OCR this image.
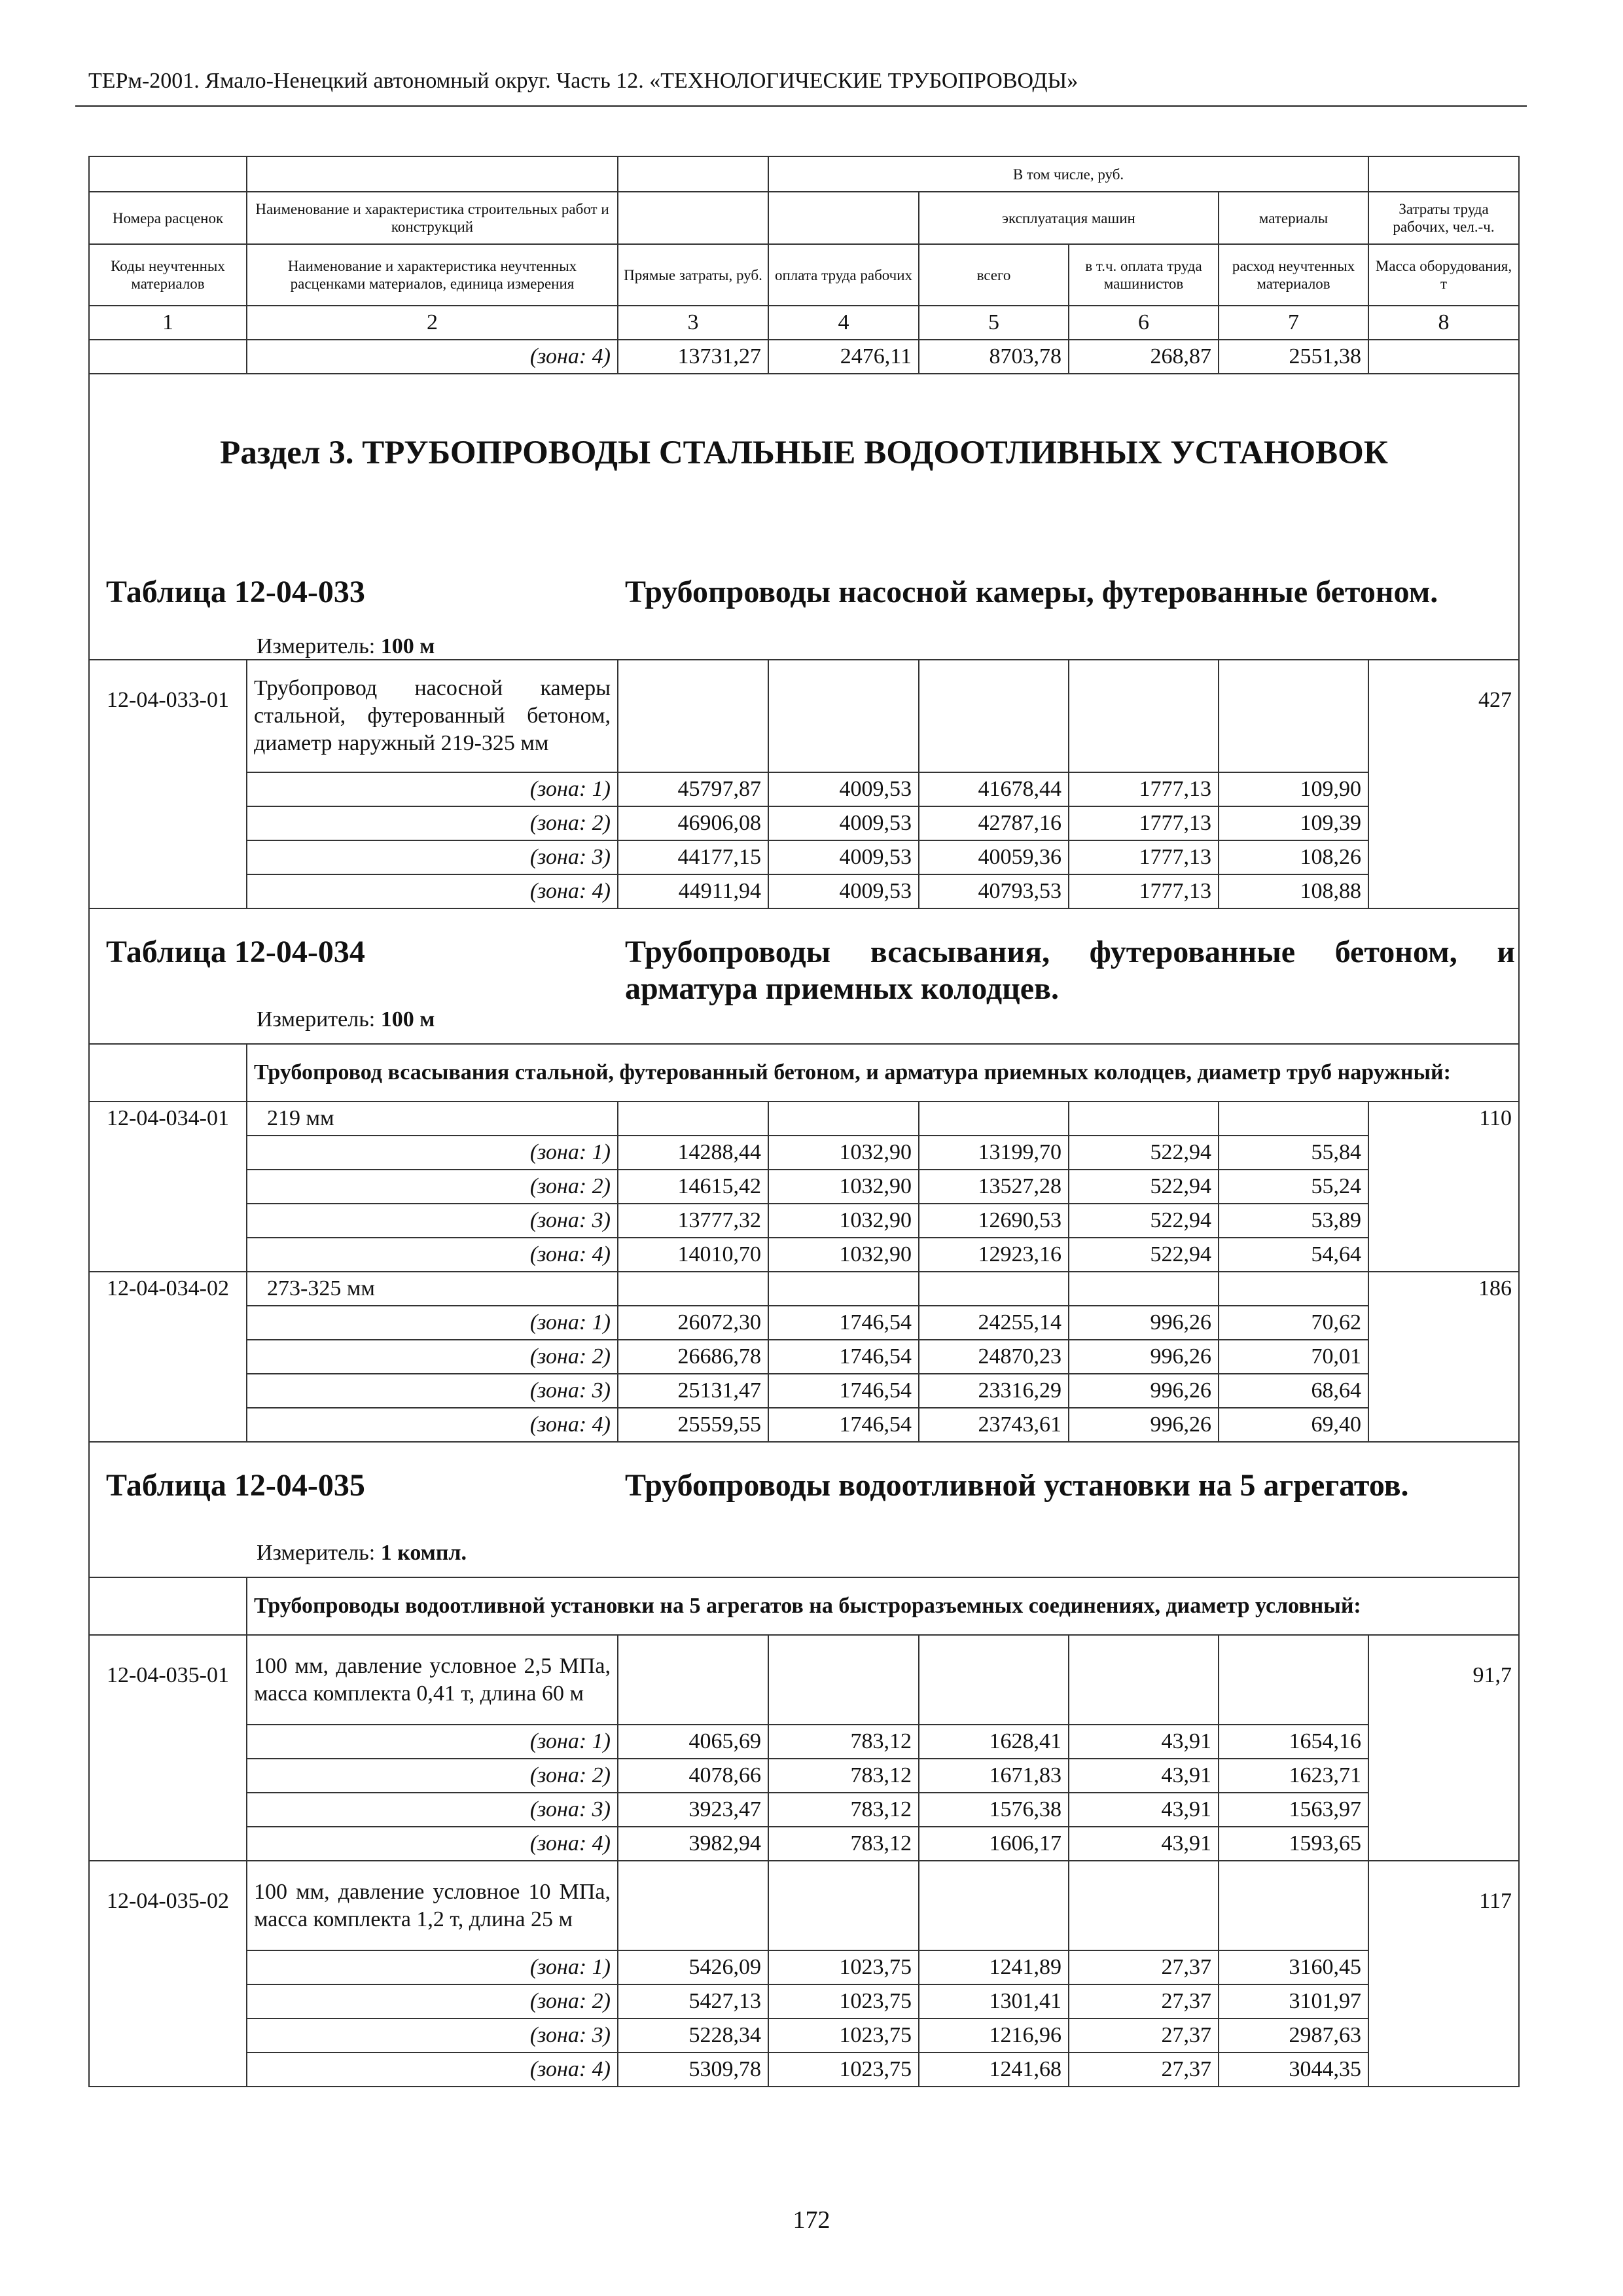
ТЕРм-2001. Ямало-Ненецкий автономный округ. Часть 12. «ТЕХНОЛОГИЧЕСКИЕ ТРУБОПРОВОДЫ»
			В том числе, руб.				
Номера расценок	Наименование и характеристика строительных работ и конструкций			эксплуатация машин		материалы	Затраты труда рабочих, чел.-ч.
Коды неучтенных материалов	Наименование и характеристика неучтенных расценками материалов, единица измерения	Прямые затраты, руб.	оплата труда рабочих	всего	в т.ч. оплата труда машинистов	расход неучтенных материалов	Масса оборудования, т
1	2	3	4	5	6	7	8
	(зона: 4)	13731,27	2476,11	8703,78	268,87	2551,38	

Раздел 3. ТРУБОПРОВОДЫ СТАЛЬНЫЕ ВОДООТЛИВНЫХ УСТАНОВОК
Таблица 12-04-033 Трубопроводы насосной камеры, футерованные бетоном.
Измеритель: 100 м							

12-04-033-01	Трубопровод насосной камеры стальной, футерованный бетоном, диаметр наружный 219-325 мм						427
	(зона: 1)	45797,87	4009,53	41678,44	1777,13	109,90	
	(зона: 2)	46906,08	4009,53	42787,16	1777,13	109,39	
	(зона: 3)	44177,15	4009,53	40059,36	1777,13	108,26	
	(зона: 4)	44911,94	4009,53	40793,53	1777,13	108,88	

Таблица 12-04-034 Трубопроводы всасывания, футерованные бетоном, и арматура приемных колодцев.
Измеритель: 100 м							

	Трубопровод всасывания стальной, футерованный бетоном, и арматура приемных колодцев, диаметр труб наружный:						
12-04-034-01	219 мм						110
	(зона: 1)	14288,44	1032,90	13199,70	522,94	55,84	
	(зона: 2)	14615,42	1032,90	13527,28	522,94	55,24	
	(зона: 3)	13777,32	1032,90	12690,53	522,94	53,89	
	(зона: 4)	14010,70	1032,90	12923,16	522,94	54,64	
12-04-034-02	273-325 мм						186
	(зона: 1)	26072,30	1746,54	24255,14	996,26	70,62	
	(зона: 2)	26686,78	1746,54	24870,23	996,26	70,01	
	(зона: 3)	25131,47	1746,54	23316,29	996,26	68,64	
	(зона: 4)	25559,55	1746,54	23743,61	996,26	69,40	

Таблица 12-04-035 Трубопроводы водоотливной установки на 5 агрегатов.
Измеритель: 1 компл.							

	Трубопроводы водоотливной установки на 5 агрегатов на быстроразъемных соединениях, диаметр условный:						
12-04-035-01	100 мм, давление условное 2,5 МПа, масса комплекта 0,41 т, длина 60 м						91,7
	(зона: 1)	4065,69	783,12	1628,41	43,91	1654,16	
	(зона: 2)	4078,66	783,12	1671,83	43,91	1623,71	
	(зона: 3)	3923,47	783,12	1576,38	43,91	1563,97	
	(зона: 4)	3982,94	783,12	1606,17	43,91	1593,65	
12-04-035-02	100 мм, давление условное 10 МПа, масса комплекта 1,2 т, длина 25 м						117
	(зона: 1)	5426,09	1023,75	1241,89	27,37	3160,45	
	(зона: 2)	5427,13	1023,75	1301,41	27,37	3101,97	
	(зона: 3)	5228,34	1023,75	1216,96	27,37	2987,63	
	(зона: 4)	5309,78	1023,75	1241,68	27,37	3044,35	
172
